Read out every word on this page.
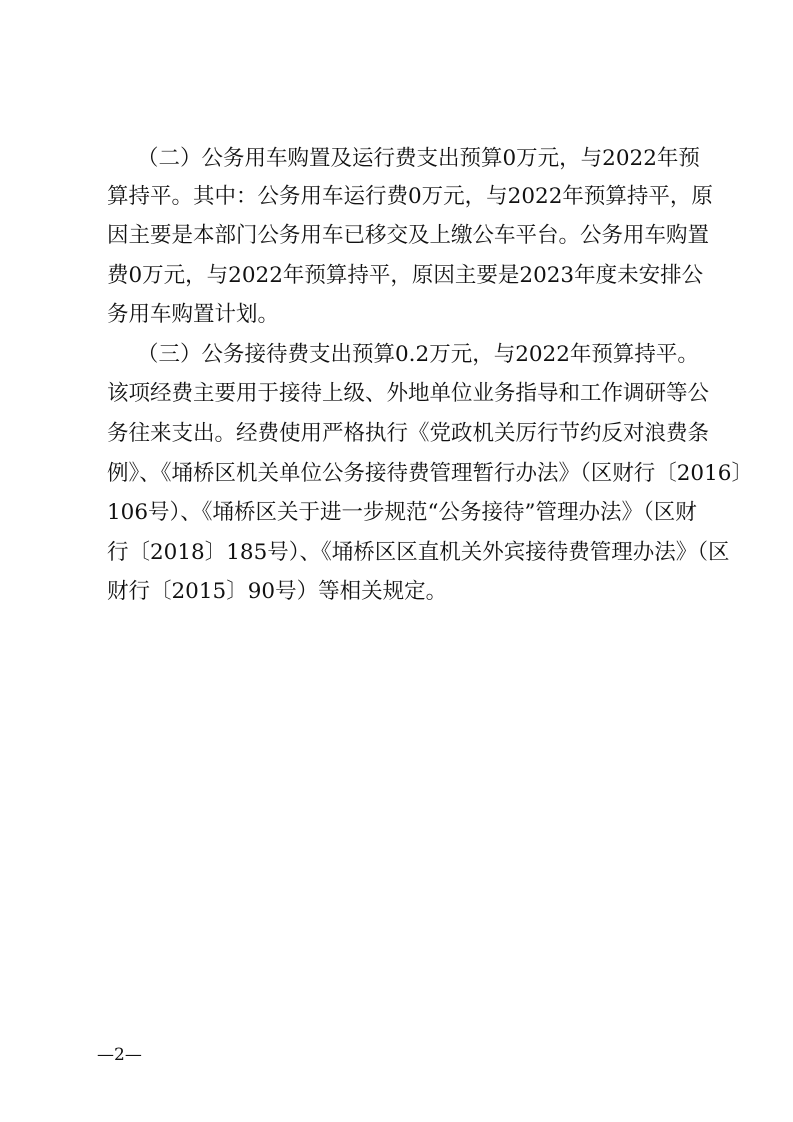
（二）公务用车购置及运行费支出预算0万元，与2022年预
算持平。其中：公务用车运行费0万元，与2022年预算持平，原
因主要是本部门公务用车已移交及上缴公车平台。公务用车购置
费0万元，与2022年预算持平，原因主要是2023年度未安排公
务用车购置计划。
（三）公务接待费支出预算0.2万元，与2022年预算持平。
该项经费主要用于接待上级、外地单位业务指导和工作调研等公
务往来支出。经费使用严格执行《党政机关厉行节约反对浪费条
例》、《埇桥区机关单位公务接待费管理暂行办法》（区财行〔2016〕
106号）、《埇桥区关于进一步规范“公务接待”管理办法》（区财
行〔2018〕185号）、《埇桥区区直机关外宾接待费管理办法》（区
财行〔2015〕90号）等相关规定。
—2—
